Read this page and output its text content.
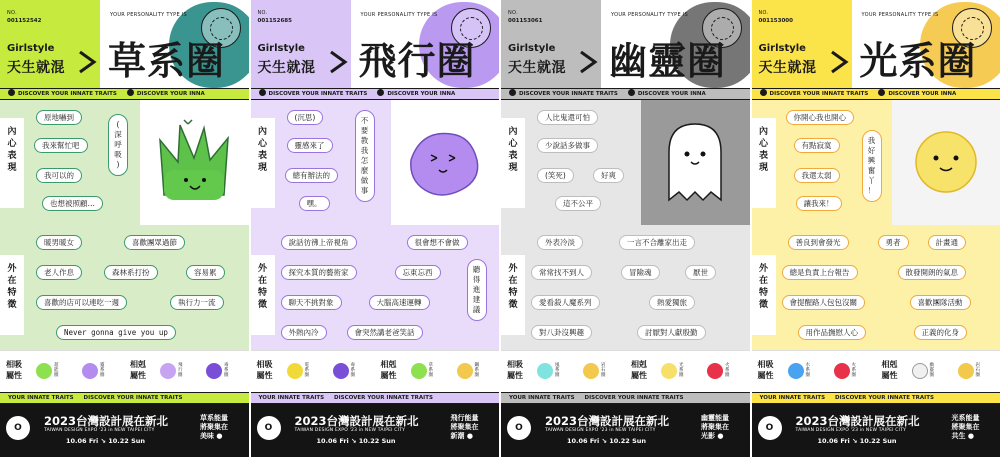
NO.
001152542
Girlstyle
天生就混
YOUR PERSONALITY TYPE IS
草系圈
DISCOVER YOUR INNATE TRAITS	DISCOVER YOUR INNA
內
心
表
現
原地嚇到
我來幫忙吧
我可以的
也想被照顧…
(
深
呼
吸
)
外
在
特
徵
暖男暖女	喜歡團眾過節
老人作息	森林系打扮	容易累
喜歡的店可以連吃一週	執行力一流
Never gonna give you up
相吸
屬性
超
能
圈
靈
系
圈
相剋
屬性
飛
行
圈
毒
系
圈
YOUR INNATE TRAITS DISCOVER YOUR INNATE TRAITS
O	2023台灣設計展在新北
TAIWAN DESIGN EXPO '23 in NEW TAIPEI CITY
10.06 Fri ↘ 10.22 Sun
草系能量
將聚集在
美味 ●
NO.
001152685
Girlstyle
天生就混
YOUR PERSONALITY TYPE IS
飛行圈
DISCOVER YOUR INNATE TRAITS	DISCOVER YOUR INNA
內
心
表
現
(沉思)
靈感來了
總有辦法的
嘿。
不
要
教
我
怎
麼
做
事
外
在
特
徵
說話彷彿上帝視角	很會想不會做
探究本質的藝術家	忘東忘西
聊天不挑對象	大腦高速運轉
外熱內冷	會突然講老爸笑話
聽
得
進
建
議
相吸
屬性
電
系
圈
毒
系
圈
相剋
屬性
草
系
圈
鋼
系
圈
YOUR INNATE TRAITS DISCOVER YOUR INNATE TRAITS
O	2023台灣設計展在新北
TAIWAN DESIGN EXPO '23 in NEW TAIPEI CITY
10.06 Fri ↘ 10.22 Sun
飛行能量
將聚集在
新潮 ●
NO.
001153061
Girlstyle
天生就混
YOUR PERSONALITY TYPE IS
幽靈圈
DISCOVER YOUR INNATE TRAITS	DISCOVER YOUR INNA
內
心
表
現
人比鬼還可怕
少說話多做事
(笑死)	好爽
這不公平
外
在
特
徵
外表冷淡	一言不合離家出走
常常找不到人	冒險魂	厭世
愛看殺人魔系列	熱愛獨旅
對八卦沒興趣	討厭對人獻殷勤
相吸
屬性
風
系
圈
岩
石
圈
相剋
屬性
光
系
圈
火
系
圈
YOUR INNATE TRAITS DISCOVER YOUR INNATE TRAITS
O	2023台灣設計展在新北
TAIWAN DESIGN EXPO '23 in NEW TAIPEI CITY
10.06 Fri ↘ 10.22 Sun
幽靈能量
將聚集在
光影 ●
NO.
001153000
Girlstyle
天生就混
YOUR PERSONALITY TYPE IS
光系圈
DISCOVER YOUR INNATE TRAITS	DISCOVER YOUR INNA
內
心
表
現
你開心我也開心
有點寂寞
我還太弱
讓我來！
我
好
興
奮
丫
！
外
在
特
徵
善良到會發光	勇者	計畫通
總是負責上台報告	散發開朗的氣息
會提醒路人包包沒關	喜歡團隊活動
用作品撫慰人心	正義的化身
相吸
屬性
水
系
圈
火
系
圈
相剋
屬性
幽
靈
圈
岩
石
圈
YOUR INNATE TRAITS DISCOVER YOUR INNATE TRAITS
O	2023台灣設計展在新北
TAIWAN DESIGN EXPO '23 in NEW TAIPEI CITY
10.06 Fri ↘ 10.22 Sun
光系能量
將聚集在
共生 ●
